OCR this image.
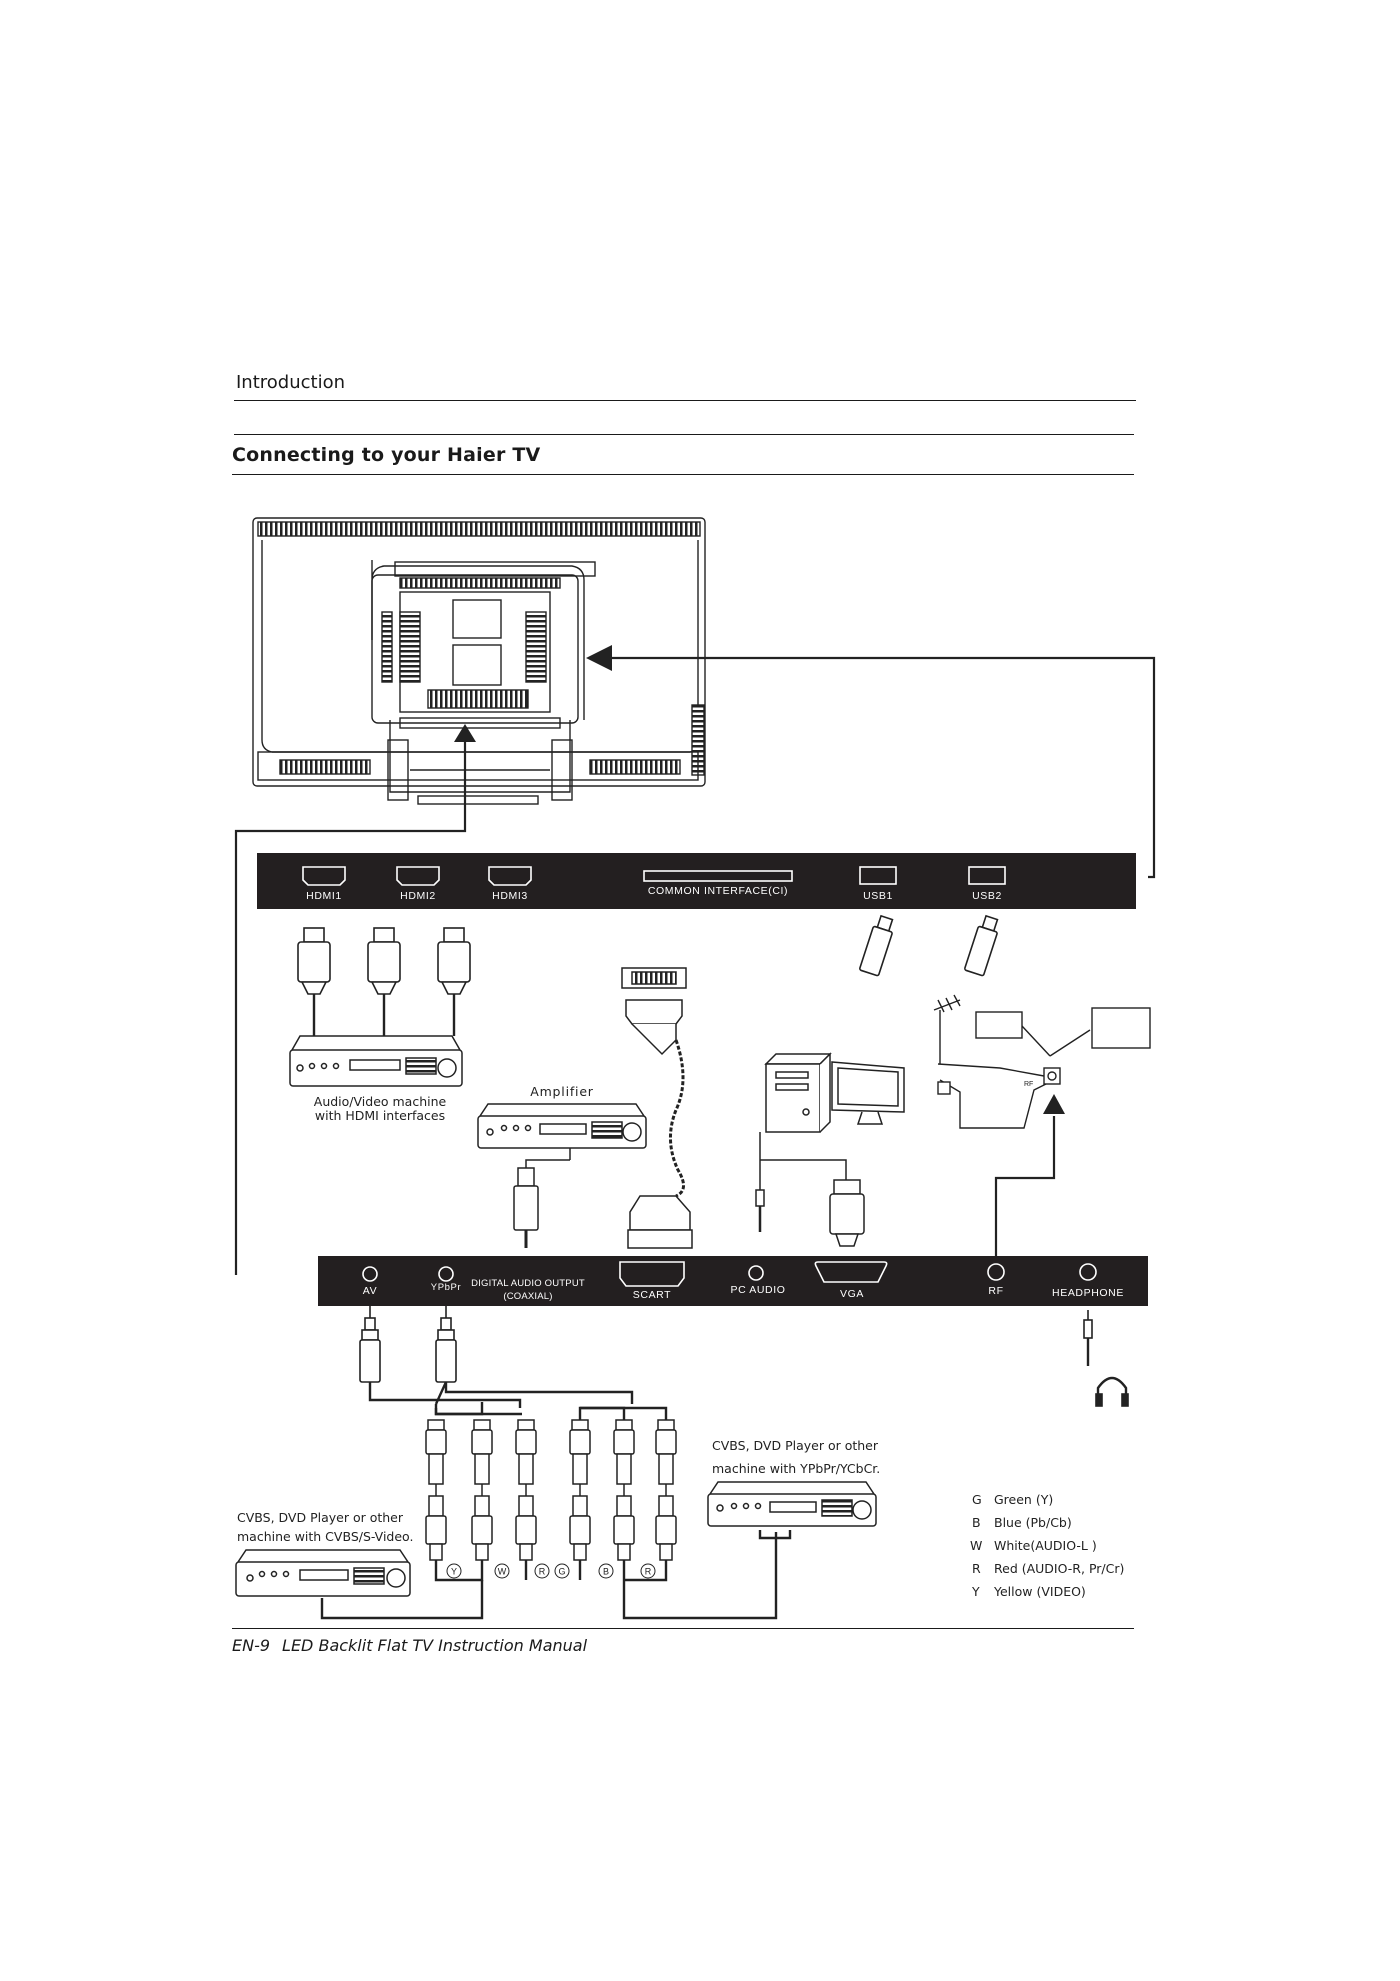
Introduction
Connecting to your Haier TV
HDMI1	HDMI2	HDMI3	COMMON INTERFACE(CI)	USB1	USB2
Audio/Video machine
with HDMI interfaces
Amplifier	RF
AV	YPbPr DIGITAL AUDIO OUTPUT
(COAXIAL)	SCART	PC AUDIO	VGA	RF	HEADPHONE
Y	W	R G	B	R
CVBS, DVD Player or other
machine with YPbPr/YCbCr.
CVBS, DVD Player or other
machine with CVBS/S-Video.
G Green (Y)
B Blue (Pb/Cb)
W White(AUDIO-L )
R Red (AUDIO-R, Pr/Cr)
Y Yellow (VIDEO)
EN-9 LED Backlit Flat TV Instruction Manual
